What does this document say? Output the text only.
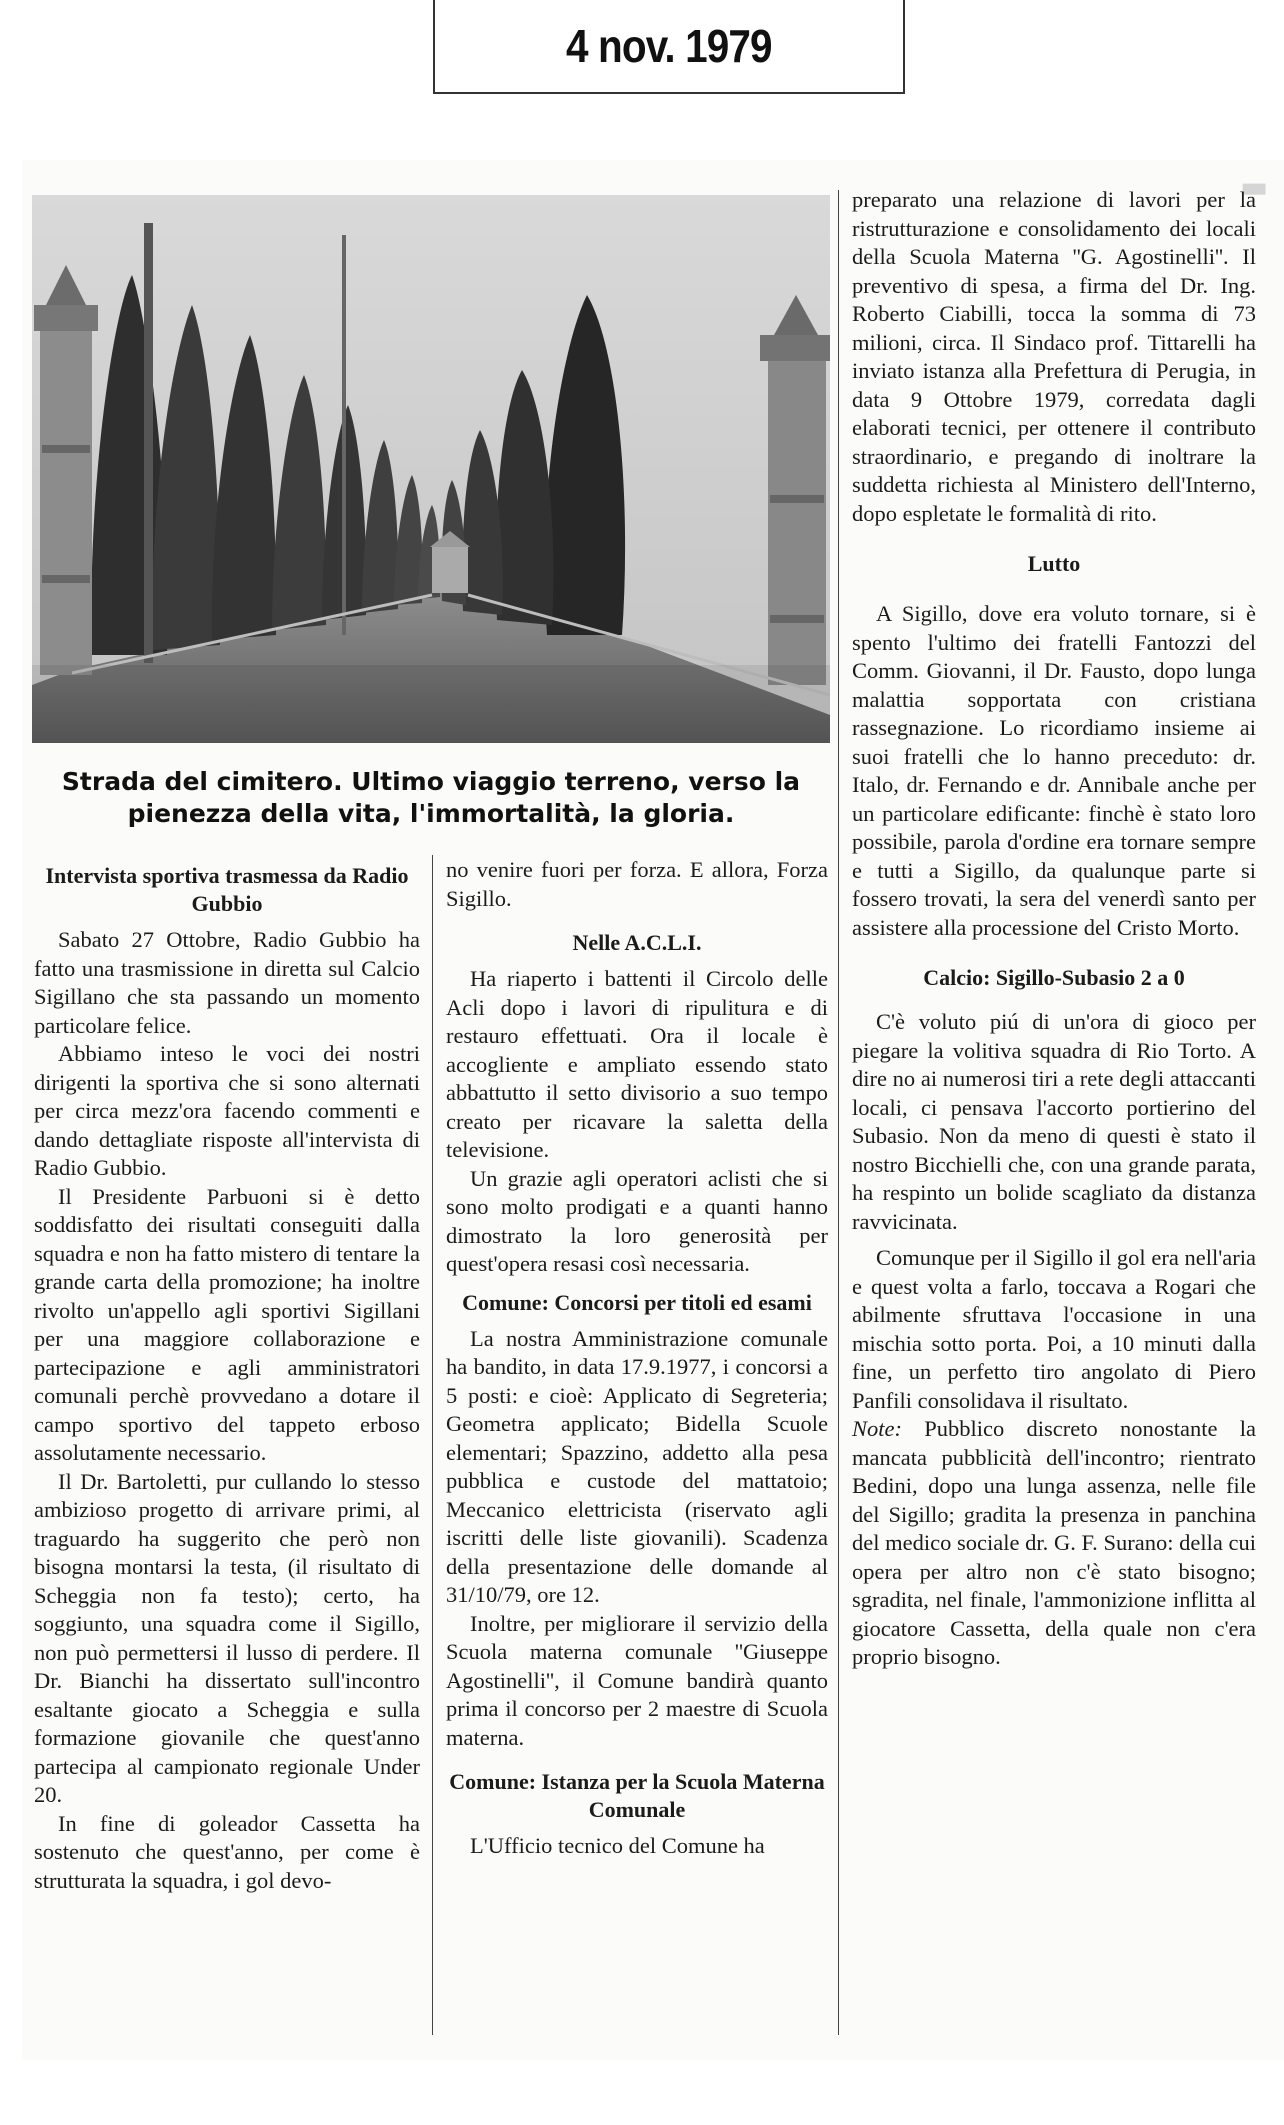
4 nov. 1979
▬
Strada del cimitero. Ultimo viaggio terreno, verso la
pienezza della vita, l'immortalità, la gloria.
Intervista sportiva trasmessa da Radio Gubbio

Sabato 27 Ottobre, Radio Gubbio ha fatto una trasmissione in diretta sul Calcio Sigillano che sta passando un momento particolare felice.

Abbiamo inteso le voci dei nostri dirigenti la sportiva che si sono alternati per circa mezz'ora facendo commenti e dando dettagliate risposte all'intervista di Radio Gubbio.

Il Presidente Parbuoni si è detto soddisfatto dei risultati conseguiti dalla squadra e non ha fatto mistero di tentare la grande carta della promozione; ha inoltre rivolto un'appello agli sportivi Sigillani per una maggiore collaborazione e partecipazione e agli amministratori comunali perchè provvedano a dotare il campo sportivo del tappeto erboso assolutamente necessario.

Il Dr. Bartoletti, pur cullando lo stesso ambizioso progetto di arrivare primi, al traguardo ha suggerito che però non bisogna montarsi la testa, (il risultato di Scheggia non fa testo); certo, ha soggiunto, una squadra come il Sigillo, non può permettersi il lusso di perdere. Il Dr. Bianchi ha dissertato sull'incontro esaltante giocato a Scheggia e sulla formazione giovanile che quest'anno partecipa al campionato regionale Under 20.

In fine di goleador Cassetta ha sostenuto che quest'anno, per come è strutturata la squadra, i gol devo-

no venire fuori per forza. E allora, Forza Sigillo.

Nelle A.C.L.I.

Ha riaperto i battenti il Circolo delle Acli dopo i lavori di ripulitura e di restauro effettuati. Ora il locale è accogliente e ampliato essendo stato abbattutto il setto divisorio a suo tempo creato per ricavare la saletta della televisione.

Un grazie agli operatori aclisti che si sono molto prodigati e a quanti hanno dimostrato la loro generosità per quest'opera resasi così necessaria.

Comune: Concorsi per titoli ed esami

La nostra Amministrazione comunale ha bandito, in data 17.9.1977, i concorsi a 5 posti: e cioè: Applicato di Segreteria; Geometra applicato; Bidella Scuole elementari; Spazzino, addetto alla pesa pubblica e custode del mattatoio; Meccanico elettricista (riservato agli iscritti delle liste giovanili). Scadenza della presentazione delle domande al 31/10/79, ore 12.

Inoltre, per migliorare il servizio della Scuola materna comunale ''Giuseppe Agostinelli'', il Comune bandirà quanto prima il concorso per 2 maestre di Scuola materna.

Comune: Istanza per la Scuola Materna Comunale

L'Ufficio tecnico del Comune ha

preparato una relazione di lavori per la ristrutturazione e consolidamento dei locali della Scuola Materna ''G. Agostinelli''. Il preventivo di spesa, a firma del Dr. Ing. Roberto Ciabilli, tocca la somma di 73 milioni, circa. Il Sindaco prof. Tittarelli ha inviato istanza alla Prefettura di Perugia, in data 9 Ottobre 1979, corredata dagli elaborati tecnici, per ottenere il contributo straordinario, e pregando di inoltrare la suddetta richiesta al Ministero dell'Interno, dopo espletate le formalità di rito.

Lutto

A Sigillo, dove era voluto tornare, si è spento l'ultimo dei fratelli Fantozzi del Comm. Giovanni, il Dr. Fausto, dopo lunga malattia sopportata con cristiana rassegnazione. Lo ricordiamo insieme ai suoi fratelli che lo hanno preceduto: dr. Italo, dr. Fernando e dr. Annibale anche per un particolare edificante: finchè è stato loro possibile, parola d'ordine era tornare sempre e tutti a Sigillo, da qualunque parte si fossero trovati, la sera del venerdì santo per assistere alla processione del Cristo Morto.

Calcio: Sigillo-Subasio 2 a 0

C'è voluto piú di un'ora di gioco per piegare la volitiva squadra di Rio Torto. A dire no ai numerosi tiri a rete degli attaccanti locali, ci pensava l'accorto portierino del Subasio. Non da meno di questi è stato il nostro Bicchielli che, con una grande parata, ha respinto un bolide scagliato da distanza ravvicinata.

Comunque per il Sigillo il gol era nell'aria e quest volta a farlo, toccava a Rogari che abilmente sfruttava l'occasione in una mischia sotto porta. Poi, a 10 minuti dalla fine, un perfetto tiro angolato di Piero Panfili consolidava il risultato.

Note: Pubblico discreto nonostante la mancata pubblicità dell'incontro; rientrato Bedini, dopo una lunga assenza, nelle file del Sigillo; gradita la presenza in panchina del medico sociale dr. G. F. Surano: della cui opera per altro non c'è stato bisogno; sgradita, nel finale, l'ammonizione inflitta al giocatore Cassetta, della quale non c'era proprio bisogno.
